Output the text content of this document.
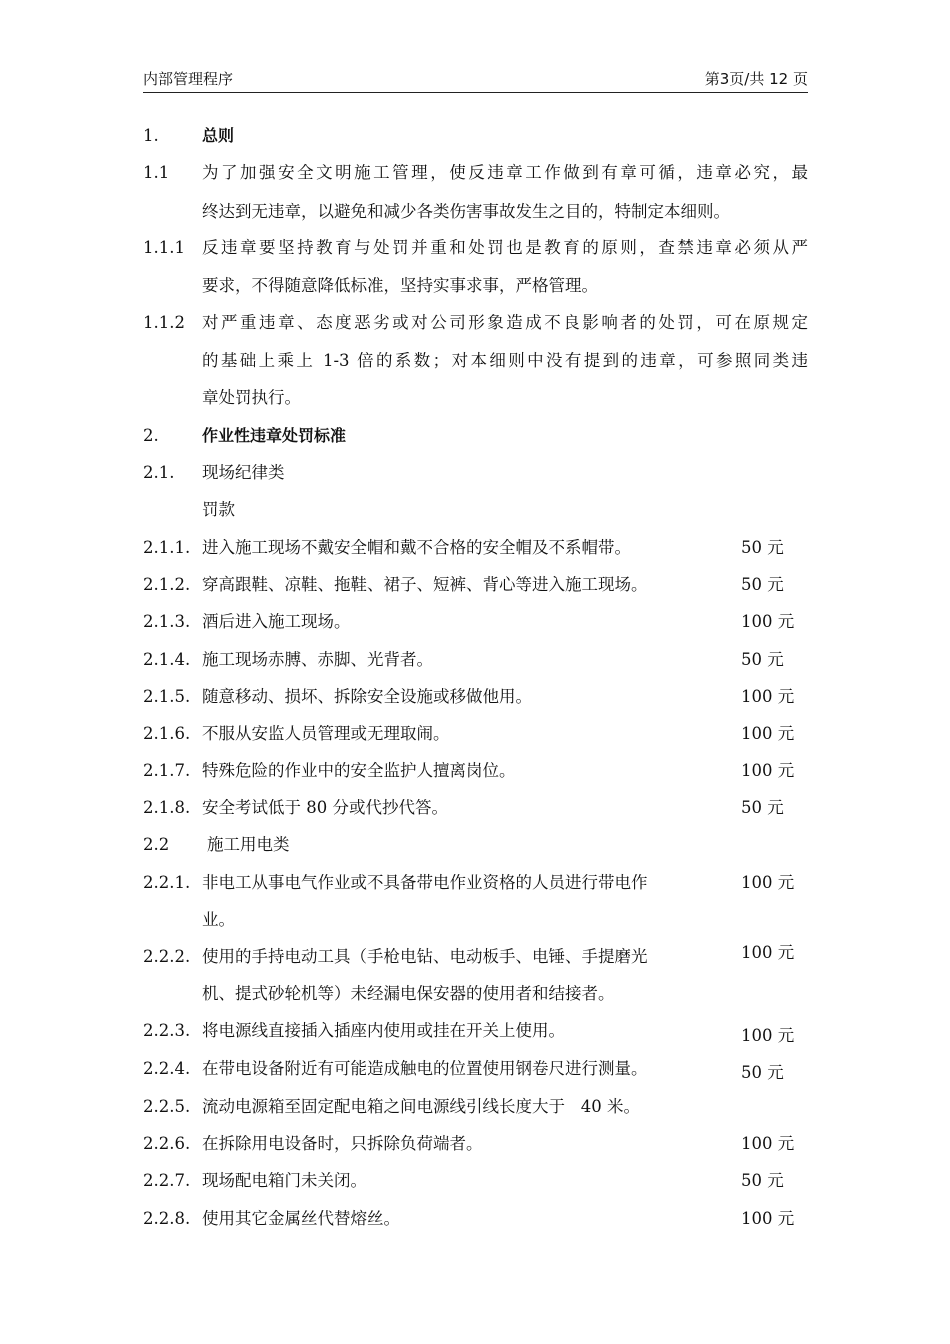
内部管理程序	第3页/共 12 页
1.	总则
1.1 为了加强安全文明施工管理，使反违章工作做到有章可循，违章必究，最
终达到无违章，以避免和减少各类伤害事故发生之目的，特制定本细则。
1.1.1 反违章要坚持教育与处罚并重和处罚也是教育的原则，查禁违章必须从严
要求，不得随意降低标准，坚持实事求事，严格管理。
1.1.2 对严重违章、态度恶劣或对公司形象造成不良影响者的处罚，可在原规定
的基础上乘上 1-3 倍的系数；对本细则中没有提到的违章，可参照同类违
章处罚执行。
2.	作业性违章处罚标准
2.1. 现场纪律类
罚款
2.1.1. 进入施工现场不戴安全帽和戴不合格的安全帽及不系帽带。	50 元
2.1.2. 穿高跟鞋、凉鞋、拖鞋、裙子、短裤、背心等进入施工现场。	50 元
2.1.3. 酒后进入施工现场。	100 元
2.1.4. 施工现场赤膊、赤脚、光背者。	50 元
2.1.5. 随意移动、损坏、拆除安全设施或移做他用。	100 元
2.1.6. 不服从安监人员管理或无理取闹。	100 元
2.1.7. 特殊危险的作业中的安全监护人擅离岗位。	100 元
2.1.8. 安全考试低于 80 分或代抄代答。	50 元
2.2 施工用电类
2.2.1. 非电工从事电气作业或不具备带电作业资格的人员进行带电作	100 元
业。
2.2.2. 使用的手持电动工具（手枪电钻、电动板手、电锤、手提磨光	100 元
机、提式砂轮机等）未经漏电保安器的使用者和结接者。
2.2.3. 将电源线直接插入插座内使用或挂在开关上使用。	100 元
2.2.4. 在带电设备附近有可能造成触电的位置使用钢卷尺进行测量。	50 元
2.2.5. 流动电源箱至固定配电箱之间电源线引线长度大于   40 米。
2.2.6. 在拆除用电设备时，只拆除负荷端者。	100 元
2.2.7. 现场配电箱门未关闭。	50 元
2.2.8. 使用其它金属丝代替熔丝。	100 元
